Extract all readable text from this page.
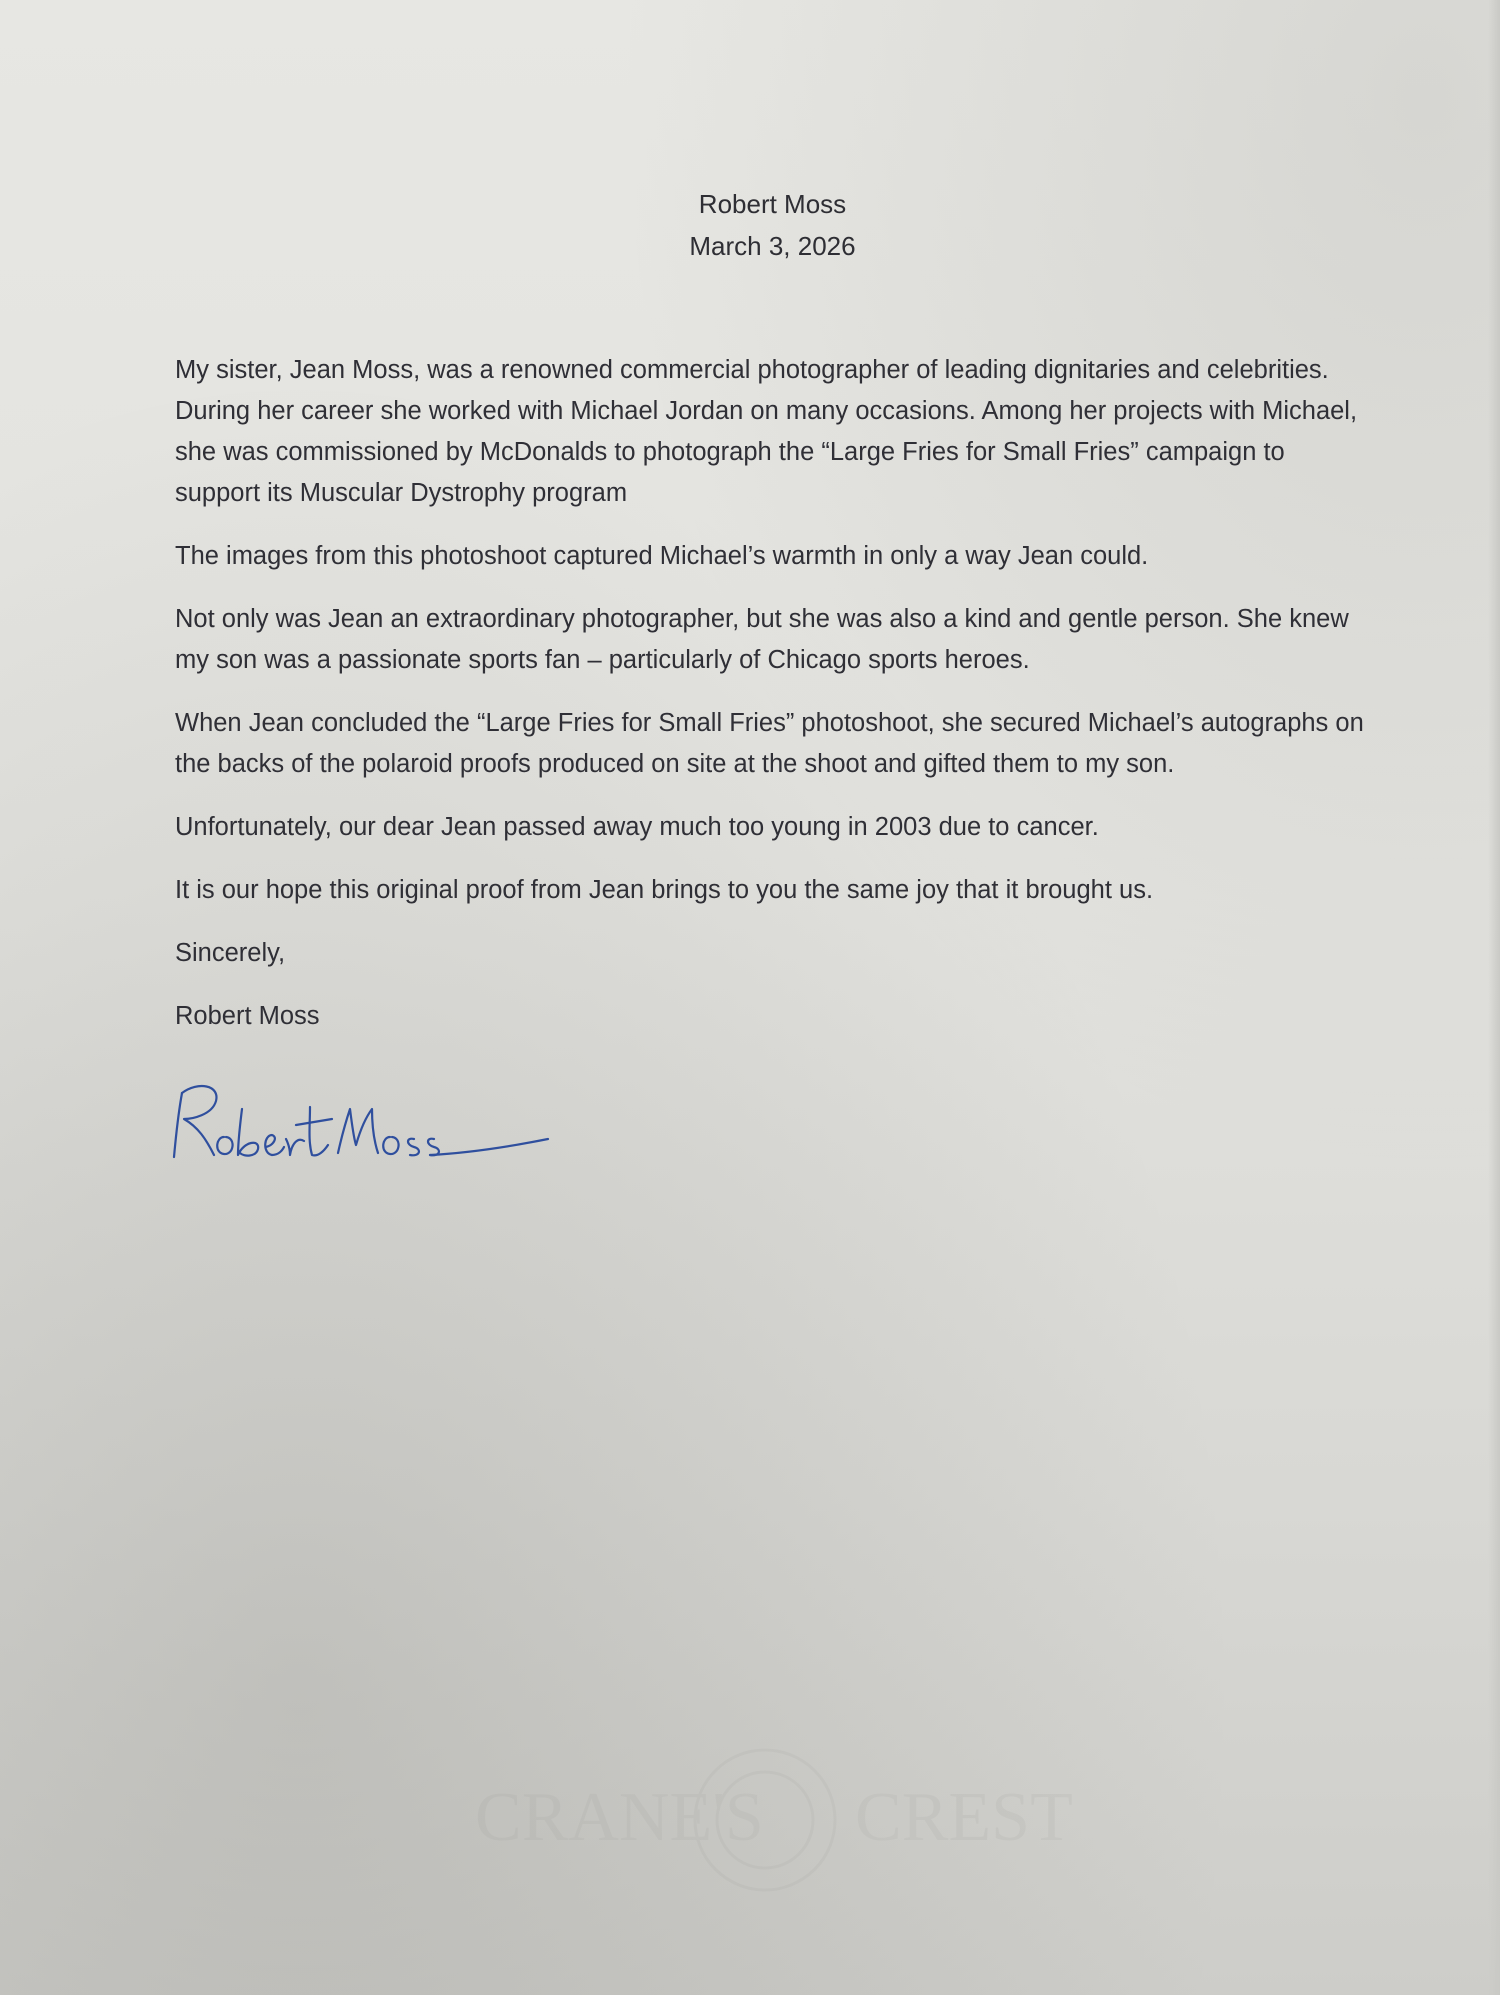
Robert Moss
March 3, 2026

My sister, Jean Moss, was a renowned commercial photographer of leading dignitaries and celebrities. During her career she worked with Michael Jordan on many occasions. Among her projects with Michael, she was commissioned by McDonalds to photograph the “Large Fries for Small Fries” campaign to support its Muscular Dystrophy program

The images from this photoshoot captured Michael’s warmth in only a way Jean could.

Not only was Jean an extraordinary photographer, but she was also a kind and gentle person. She knew my son was a passionate sports fan – particularly of Chicago sports heroes.

When Jean concluded the “Large Fries for Small Fries” photoshoot, she secured Michael’s autographs on the backs of the polaroid proofs produced on site at the shoot and gifted them to my son.

Unfortunately, our dear Jean passed away much too young in 2003 due to cancer.

It is our hope this original proof from Jean brings to you the same joy that it brought us.

Sincerely,

Robert Moss

CRANE'S CREST
